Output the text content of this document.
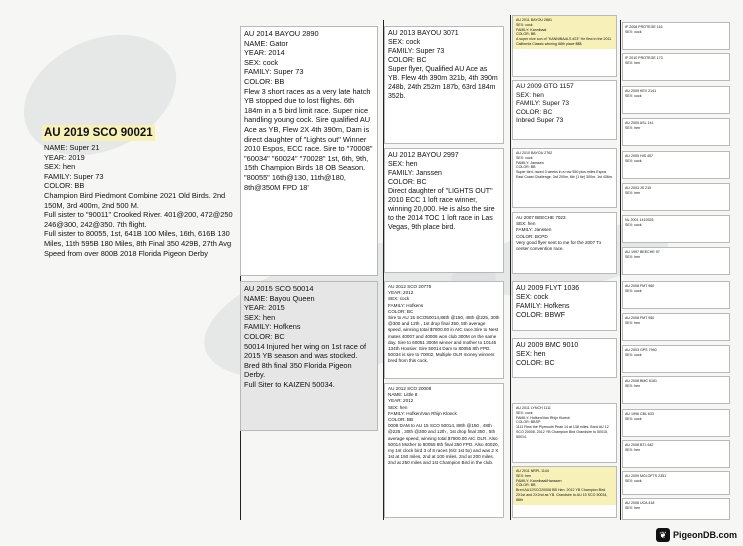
AU 2019 SCO 90021
NAME: Super 21
YEAR: 2019
SEX: hen
FAMILY: Super 73
COLOR: BB
Champion Bird Piedmont Combine 2021 Old Birds. 2nd 150M, 3rd 400m, 2nd 500 M.
Full sister to "90011" Crooked River. 401@200, 472@250 246@300, 242@350. 7th flight.
Full sister to 80055, 1st, 641B 100 Miles, 16th, 616B 130 Miles, 11th 595B 180 Miles, 8th Final 350 429B, 27th Avg Speed from over 800B 2018 Florida Pigeon Derby
AU 2014 BAYOU 2890
NAME: Gator
YEAR: 2014
SEX: cock
FAMILY: Super 73
COLOR: BB
Flew 3 short races as a very late hatch YB stopped due to lost flights. 6th 184m in a 5 bird limit race. Super nice handling young cock. Sire qualified AU Ace as YB, Flew 2X 4th 390m, Dam is direct daughter of "Lights out" Winner 2010 Espos, ECC race. Sire to "70008" "60034" "60024" "70028" 1st, 6th, 9th, 15th Champion Birds 18 OB Season. "80055" 16th@130, 11th@180, 8th@350M FPD 18'
AU 2015 SCO 50014
NAME: Bayou Queen
YEAR: 2015
SEX: hen
FAMILY: Hofkens
COLOR: BC
50014 Injured her wing on 1st race of 2015 YB season and was stocked. Bred 8th final 350 Florida Pigeon Derby.
Full Siter to KAIZEN 50034.
AU 2013 BAYOU 3071
SEX: cock
FAMILY: Super 73
COLOR: BC
Super flyer, Qualified AU Ace as YB. Flew 4th 390m 321b, 4th 390m 248b, 24th 252m 187b, 63rd 184m 352b.
AU 2012 BAYOU 2997
SEX: hen
FAMILY: Janssen
COLOR: BC
Direct daughter of "LIGHTS OUT" 2010 ECC 1 loft race winner, winning 20,000. He is also the sire to the 2014 TOC 1 loft race in Las Vegas, 9th place bird.
AU 2012 SCO 20775
YEAR: 2012
SEX: cock
FAMILY: Hofkens
COLOR: BC
Sire to AU 15 SCO50014,88th @150, 48th @225, 30th @300 and 12th , 1st drop final 350, 5th average speed, winning total $7800.00 in AIC race.Sire to Nest mates 40007 and 40006 won club 300M on the same day. Sire to 60051 300M winner and mother to 10145 134th Hoosier. Sire 50014 Dam to 80055 8th FPD. 50034 is sire to 70002, Multiple OLR money winners bred from this cock.
AU 2012 SCO 20008
NAME: Little 8
YEAR: 2012
SEX: hen
FAMILY: Hofken/Van Rhijn Kloeck
COLOR: BB
0008 DAM to AU 15 SCO 50014, 88th @150 , 48th @225 , 30th @300 and 12th , 1st drop final 350 , 5th average speed, winning total $7800.00 AIC OLR. Also 50014 Mother to 80055 8th final 350 FPD. Also 40020, my 1st clock bird 3 of 8 races (6/2 1st 5x) and was 2 X 1st at 150 miles, 2nd at 100 miles, 2nd at 200 miles. 2nd at 250 miles and 1st Champion Bird in the club.
AU 2011 BAYOU 2881
SEX: cock
FAMILY: Kannibaal
COLOR: BB
A super nice son of "KANNIBAALS #23" He flew in the 2011 California Classic winning 68th place $$$
AU 2009 GTO 1157
SEX: hen
FAMILY: Super 73
COLOR: BC
Inbred Super 73
AU 2010 BAYOU 2762
SEX: cock
FAMILY: Janssen
COLOR: BB
Super bird, raced 3 weeks in a row 550 plus miles Espos East Coast Challenge. 3rd 200m, 6th (1 tie) 300m, 1st 436m.
AU 2007 BEECHE 7023
SEX: hen
FAMILY: Janssen
COLOR: BCPD
Very good flyer sent to me for the 2007 Tx center convention race.
AU 2009 FLYT 1036
SEX: cock
FAMILY: Hofkens
COLOR: BBWF
AU 2009 BMC 9010
SEX: hen
COLOR: BC
AU 2011 LYNCH 1111
SEX: cock
FAMILY: Hofken/Van Rhijn Kloeck
COLOR: BBSP
1111 Flew the Plymouth Peak 14 at 138 miles. Bred AU 12 SCO 20008. 2012 YB Champion Bird Grandsire to 50015, 50014.
AU 2011 NRPL 1144
SEX: hen
FAMILY: Kannibaal/Hanssen
COLOR: BB
Bred AU12SCO20008 BB Hen. 2012 YB Champion Bird 2X1st and 2X2nd as YB. Grandsire to AU 15 SCO 50034, 88th
IF 2008 PROTEGE 116
SEX: cock
IF 2010 PROTEGE 173
SEX: hen
AU 2009 KEV 2141
SEX: cock
AU 2005 ASL 141
SEX: hen
AU 2005 HIS 457
SEX: cock
AU 2003 JS 215
SEX: hen
NL 2001 1419325
SEX: cock
AU 1997 BEECHE 97
SEX: hen
AU 2008 FMT 960
SEX: cock
AU 2008 FMT 950
SEX: hen
AU 2003 GPS 7940
SEX: cock
AU 2008 BMC 6181
SEX: hen
AU 1996 CBL 633
SEX: cock
AU 2008 BTL 642
SEX: hen
AU 2009 MCLOFTS 2351
SEX: cock
AU 2008 UCA 418
SEX: hen
❦ PigeonDB.com
